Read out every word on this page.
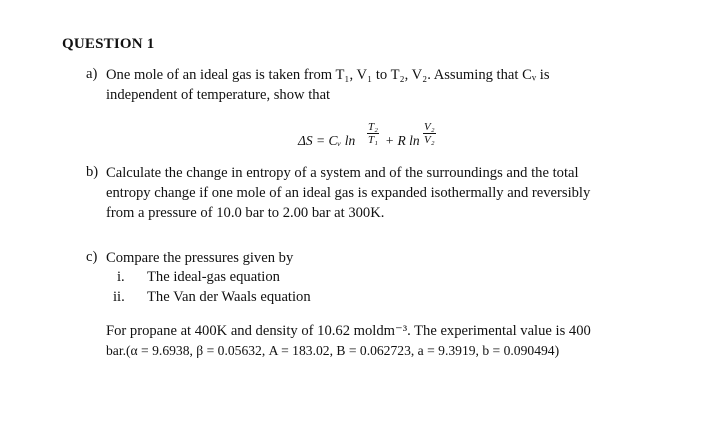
QUESTION 1
a) One mole of an ideal gas is taken from T₁, V₁ to T₂, V₂. Assuming that Cᵥ is
independent of temperature, show that
ΔS = Cᵥ $\ln \frac{\text{T₂}}{\text{T₁}} + R$ $\ln \frac{\text{V₂}}{\text{V₂}}$
b) Calculate the change in entropy of a system and of the surroundings and the total
entropy change if one mole of an ideal gas is expanded isothermally and reversibly
from a pressure of 10.0 bar to 2.00 bar at 300K.
c) Compare the pressures given by
i. The ideal-gas equation
ii. The Van der Waals equation
For propane at 400K and density of 10.62 moldm⁻³. The experimental value is 400
bar.(α = 9.6938, β = 0.05632, A = 183.02, B = 0.062723, a = 9.3919, b = 0.090494)
